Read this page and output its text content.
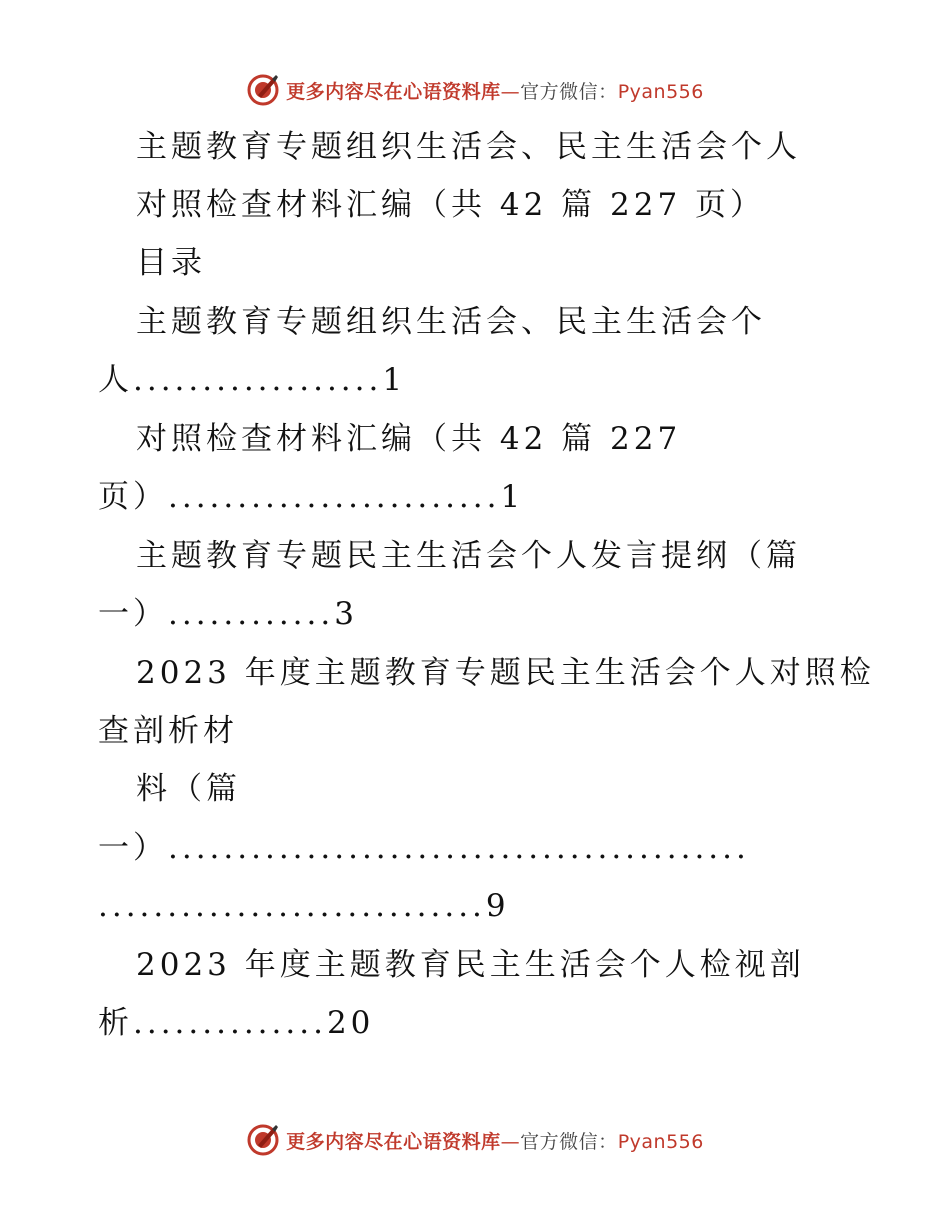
更多内容尽在心语资料库—官方微信：Pyan556
主题教育专题组织生活会、民主生活会个人
对照检查材料汇编（共 42 篇 227 页）
目录
主题教育专题组织生活会、民主生活会个
人..................1
对照检查材料汇编（共 42 篇 227
页）........................1
主题教育专题民主生活会个人发言提纲（篇
一）............3
2023 年度主题教育专题民主生活会个人对照检
查剖析材
料（篇
一）..........................................
............................9
2023 年度主题教育民主生活会个人检视剖
析..............20
更多内容尽在心语资料库—官方微信：Pyan556
